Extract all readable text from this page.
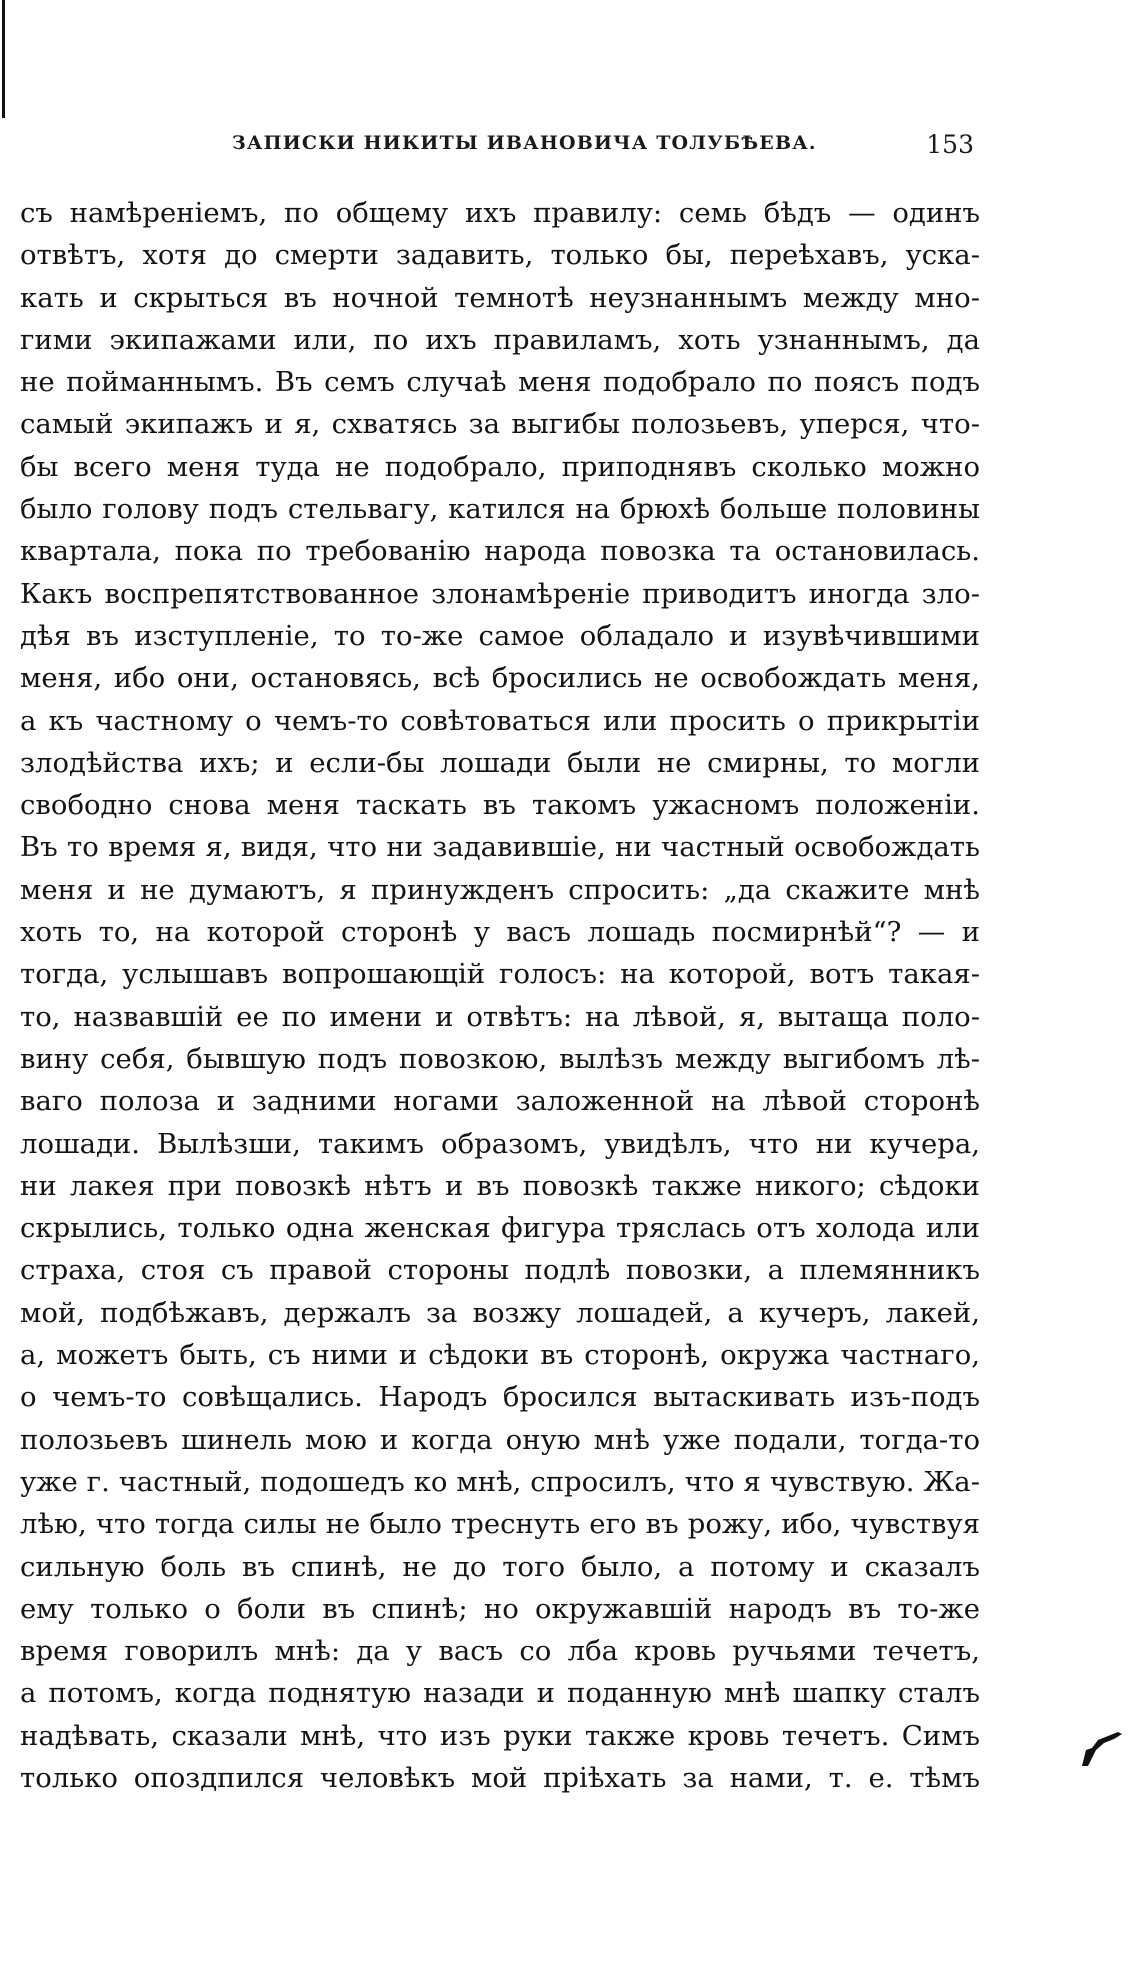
ЗАПИСКИ НИКИТЫ ИВАНОВИЧА ТОЛУБѢЕВА.	153
съ намѣреніемъ, по общему ихъ правилу: семь бѣдъ — одинъ
отвѣтъ, хотя до смерти задавить, только бы, переѣхавъ, уска-
кать и скрыться въ ночной темнотѣ неузнаннымъ между мно-
гими экипажами или, по ихъ правиламъ, хоть узнаннымъ, да
не пойманнымъ. Въ семъ случаѣ меня подобрало по поясъ подъ
самый экипажъ и я, схватясь за выгибы полозьевъ, уперся, что-
бы всего меня туда не подобрало, приподнявъ сколько можно
было голову подъ стельвагу, катился на брюхѣ больше половины
квартала, пока по требованію народа повозка та остановилась.
Какъ воспрепятствованное злонамѣреніе приводитъ иногда зло-
дѣя въ изступленіе, то то-же самое обладало и изувѣчившими
меня, ибо они, остановясь, всѣ бросились не освобождать меня,
а къ частному о чемъ-то совѣтоваться или просить о прикрытіи
злодѣйства ихъ; и если-бы лошади были не смирны, то могли
свободно снова меня таскать въ такомъ ужасномъ положеніи.
Въ то время я, видя, что ни задавившіе, ни частный освобождать
меня и не думаютъ, я принужденъ спросить: „да скажите мнѣ
хоть то, на которой сторонѣ у васъ лошадь посмирнѣй“? — и
тогда, услышавъ вопрошающій голосъ: на которой, вотъ такая-
то, назвавшій ее по имени и отвѣтъ: на лѣвой, я, вытаща поло-
вину себя, бывшую подъ повозкою, вылѣзъ между выгибомъ лѣ-
ваго полоза и задними ногами заложенной на лѣвой сторонѣ
лошади. Вылѣзши, такимъ образомъ, увидѣлъ, что ни кучера,
ни лакея при повозкѣ нѣтъ и въ повозкѣ также никого; сѣдоки
скрылись, только одна женская фигура тряслась отъ холода или
страха, стоя съ правой стороны подлѣ повозки, а племянникъ
мой, подбѣжавъ, держалъ за возжу лошадей, а кучеръ, лакей,
а, можетъ быть, съ ними и сѣдоки въ сторонѣ, окружа частнаго,
о чемъ-то совѣщались. Народъ бросился вытаскивать изъ-подъ
полозьевъ шинель мою и когда оную мнѣ уже подали, тогда-то
уже г. частный, подошедъ ко мнѣ, спросилъ, что я чувствую. Жа-
лѣю, что тогда силы не было треснуть его въ рожу, ибо, чувствуя
сильную боль въ спинѣ, не до того было, а потому и сказалъ
ему только о боли въ спинѣ; но окружавшій народъ въ то-же
время говорилъ мнѣ: да у васъ со лба кровь ручьями течетъ,
а потомъ, когда поднятую назади и поданную мнѣ шапку сталъ
надѣвать, сказали мнѣ, что изъ руки также кровь течетъ. Симъ
только опоздпился человѣкъ мой пріѣхать за нами, т. е. тѣмъ
